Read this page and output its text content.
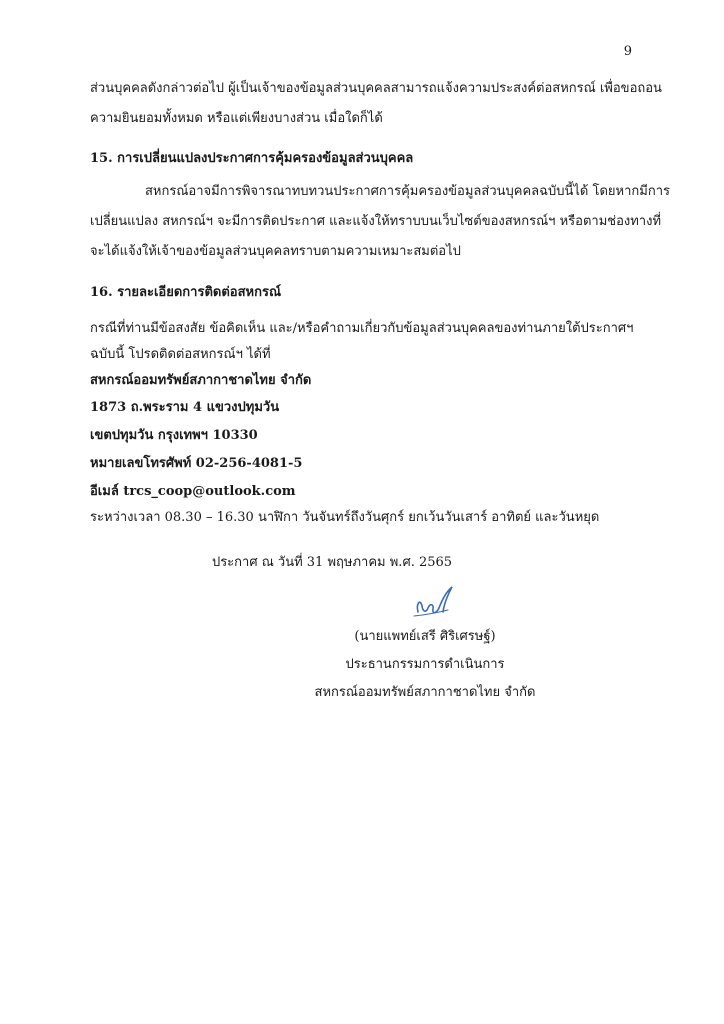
9
ส่วนบุคคลดังกล่าวต่อไป ผู้เป็นเจ้าของข้อมูลส่วนบุคคลสามารถแจ้งความประสงค์ต่อสหกรณ์ เพื่อขอถอน
ความยินยอมทั้งหมด หรือแต่เพียงบางส่วน เมื่อใดก็ได้
15. การเปลี่ยนแปลงประกาศการคุ้มครองข้อมูลส่วนบุคคล
สหกรณ์อาจมีการพิจารณาทบทวนประกาศการคุ้มครองข้อมูลส่วนบุคคลฉบับนี้ได้ โดยหากมีการ
เปลี่ยนแปลง สหกรณ์ฯ จะมีการติดประกาศ และแจ้งให้ทราบบนเว็บไซต์ของสหกรณ์ฯ หรือตามช่องทางที่
จะได้แจ้งให้เจ้าของข้อมูลส่วนบุคคลทราบตามความเหมาะสมต่อไป
16. รายละเอียดการติดต่อสหกรณ์
กรณีที่ท่านมีข้อสงสัย ข้อคิดเห็น และ/หรือคำถามเกี่ยวกับข้อมูลส่วนบุคคลของท่านภายใต้ประกาศฯ
ฉบับนี้ โปรดติดต่อสหกรณ์ฯ ได้ที่
สหกรณ์ออมทรัพย์สภากาชาดไทย จำกัด
1873 ถ.พระราม 4 แขวงปทุมวัน
เขตปทุมวัน กรุงเทพฯ 10330
หมายเลขโทรศัพท์ 02-256-4081-5
อีเมล์ trcs_coop@outlook.com
ระหว่างเวลา 08.30 – 16.30 นาฬิกา วันจันทร์ถึงวันศุกร์ ยกเว้นวันเสาร์ อาทิตย์ และวันหยุด
ประกาศ ณ วันที่ 31 พฤษภาคม พ.ศ. 2565
(นายแพทย์เสรี ศิริเศรษฐ์)
ประธานกรรมการดำเนินการ
สหกรณ์ออมทรัพย์สภากาชาดไทย จำกัด
